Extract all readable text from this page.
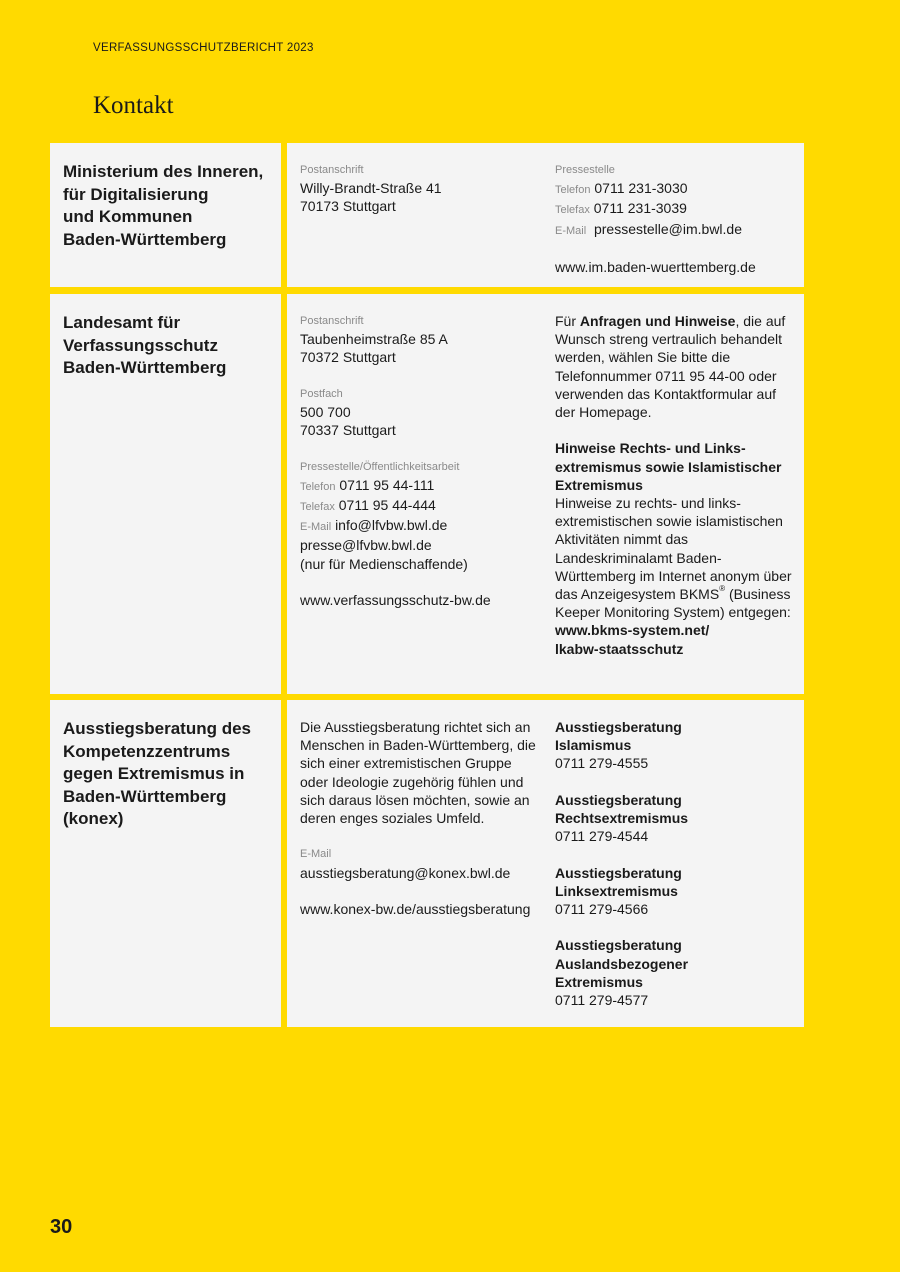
VERFASSUNGSSCHUTZBERICHT 2023
Kontakt
Ministerium des Inneren,
für Digitalisierung
und Kommunen
Baden-Württemberg
Postanschrift
Willy-Brandt-Straße 41
70173 Stuttgart
Pressestelle
Telefon 0711 231-3030
Telefax 0711 231-3039
E-Mail pressestelle@im.bwl.de
www.im.baden-wuerttemberg.de
Landesamt für
Verfassungsschutz
Baden-Württemberg
Postanschrift
Taubenheimstraße 85 A
70372 Stuttgart
Postfach
500 700
70337 Stuttgart
Pressestelle/Öffentlichkeitsarbeit
Telefon 0711 95 44-111
Telefax 0711 95 44-444
E-Mail info@lfvbw.bwl.de
presse@lfvbw.bwl.de
(nur für Medienschaffende)
www.verfassungsschutz-bw.de
Für Anfragen und Hinweise, die auf Wunsch streng vertraulich behandelt werden, wählen Sie bitte die Telefonnummer 0711 95 44-00 oder verwenden das Kontaktformular auf der Homepage.
Hinweise Rechts- und Linksextremismus sowie Islamistischer Extremismus
Hinweise zu rechts- und linksextremistischen sowie islamistischen Aktivitäten nimmt das Landeskriminalamt Baden-Württemberg im Internet anonym über das Anzeigesystem BKMS® (Business Keeper Monitoring System) entgegen:
www.bkms-system.net/
lkabw-staatsschutz
Ausstiegsberatung des
Kompetenzzentrums
gegen Extremismus in
Baden-Württemberg
(konex)
Die Ausstiegsberatung richtet sich an Menschen in Baden-Württemberg, die sich einer extremistischen Gruppe oder Ideologie zugehörig fühlen und sich daraus lösen möchten, sowie an deren enges soziales Umfeld.
E-Mail
ausstiegsberatung@konex.bwl.de
www.konex-bw.de/ausstiegsberatung
Ausstiegsberatung
Islamismus
0711 279-4555
Ausstiegsberatung
Rechtsextremismus
0711 279-4544
Ausstiegsberatung
Linksextremismus
0711 279-4566
Ausstiegsberatung
Auslandsbezogener
Extremismus
0711 279-4577
30
